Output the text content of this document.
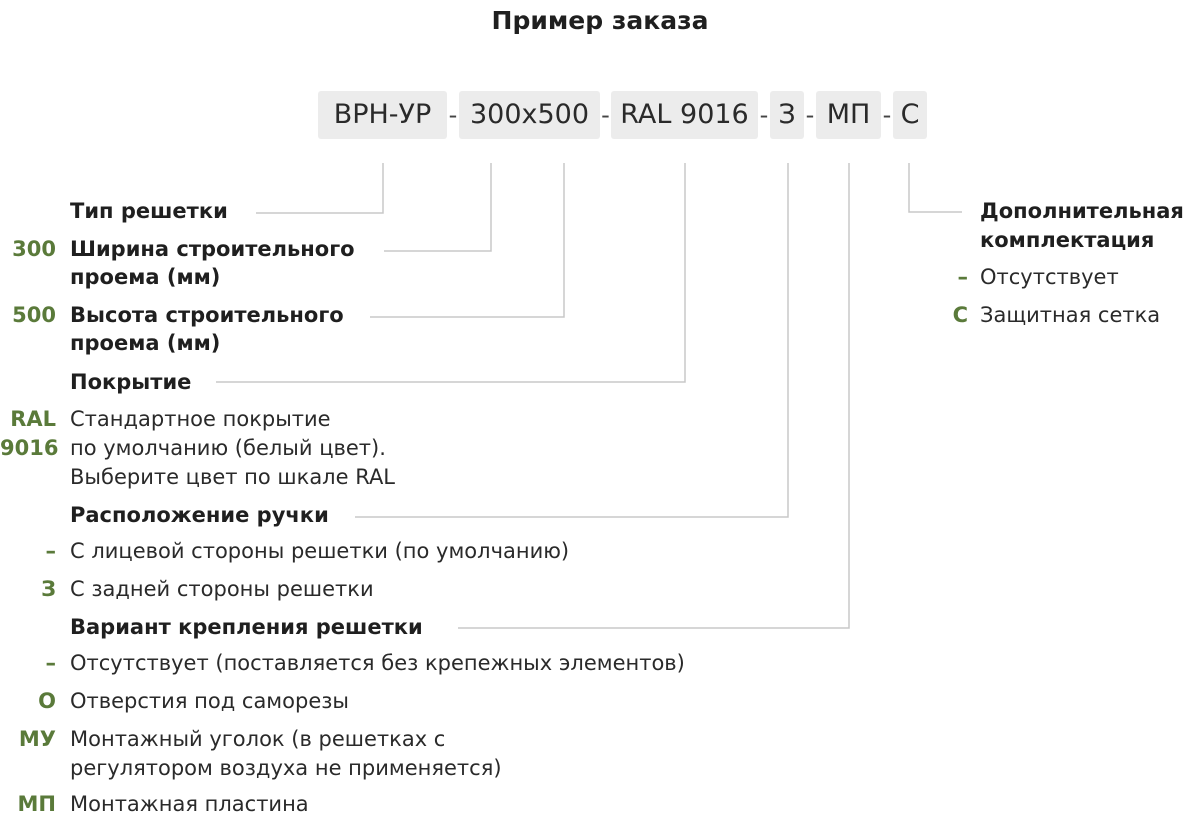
Пример заказа
ВРН-УР - 300х500 - RAL 9016 - З - МП - С
Тип решетки
300 Ширина строительного
проема (мм)
500 Высота строительного
проема (мм)
Покрытие
RAL
9016
Стандартное покрытие
по умолчанию (белый цвет).
Выберите цвет по шкале RAL
Расположение ручки
– С лицевой стороны решетки (по умолчанию)
З С задней стороны решетки
Вариант крепления решетки
– Отсутствует (поставляется без крепежных элементов)
О Отверстия под саморезы
МУ Монтажный уголок (в решетках с
регулятором воздуха не применяется)
МП Монтажная пластина
Дополнительная
комплектация
– Отсутствует
С Защитная сетка
